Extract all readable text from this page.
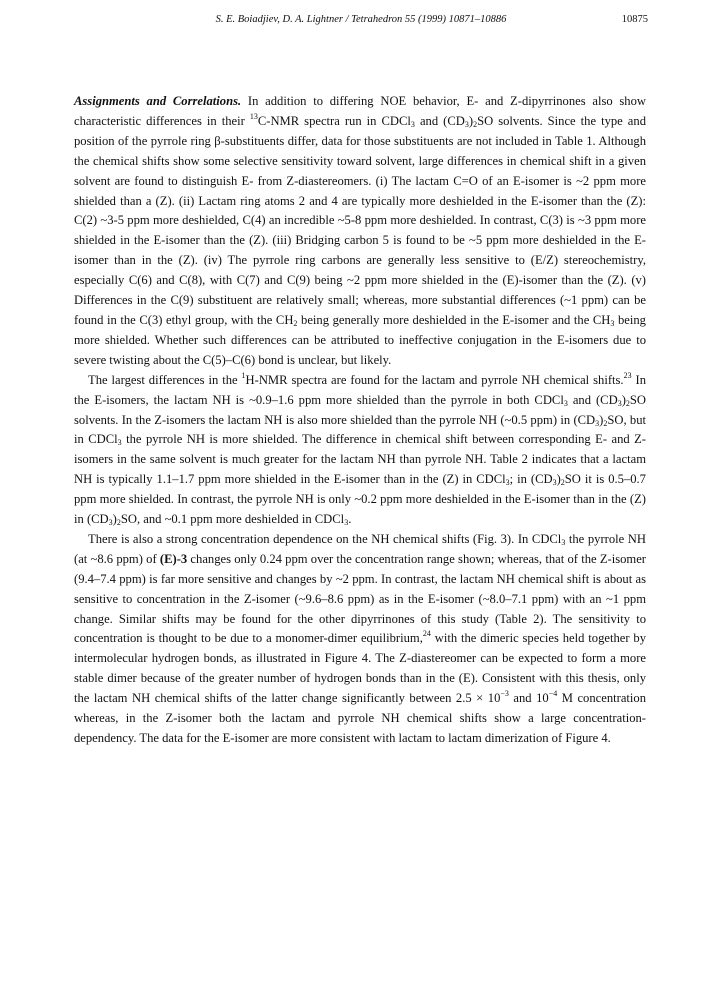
S. E. Boiadjiev, D. A. Lightner / Tetrahedron 55 (1999) 10871–10886	10875

Assignments and Correlations. In addition to differing NOE behavior, E- and Z-dipyrrinones also show characteristic differences in their $^{13}$C-NMR spectra run in CDCl$_3$ and $(CD_3)_2SO$ solvents. Since the type and position of the pyrrole ring β-substituents differ, data for those substituents are not included in Table 1. Although the chemical shifts show some selective sensitivity toward solvent, large differences in chemical shift in a given solvent are found to distinguish E- from Z-diastereomers. (i) The lactam C=O of an E-isomer is ~2 ppm more shielded than a (Z). (ii) Lactam ring atoms 2 and 4 are typically more deshielded in the E-isomer than the (Z): C(2) ~3-5 ppm more deshielded, C(4) an incredible ~5-8 ppm more deshielded. In contrast, C(3) is ~3 ppm more shielded in the E-isomer than the (Z). (iii) Bridging carbon 5 is found to be ~5 ppm more deshielded in the E-isomer than in the (Z). (iv) The pyrrole ring carbons are generally less sensitive to (E/Z) stereochemistry, especially C(6) and C(8), with C(7) and C(9) being ~2 ppm more shielded in the (E)-isomer than the (Z). (v) Differences in the C(9) substituent are relatively small; whereas, more substantial differences (~1 ppm) can be found in the C(3) ethyl group, with the $CH_2$ being generally more deshielded in the E-isomer and the $CH_3$ being more shielded. Whether such differences can be attributed to ineffective conjugation in the E-isomers due to severe twisting about the C(5)–C(6) bond is unclear, but likely.

The largest differences in the $^1$H-NMR spectra are found for the lactam and pyrrole NH chemical shifts.$^{23}$ In the E-isomers, the lactam NH is ~0.9–1.6 ppm more shielded than the pyrrole in both CDCl$_3$ and $(CD_3)_2SO$ solvents. In the Z-isomers the lactam NH is also more shielded than the pyrrole NH (~0.5 ppm) in $(CD_3)_2SO$, but in CDCl$_3$ the pyrrole NH is more shielded. The difference in chemical shift between corresponding E- and Z-isomers in the same solvent is much greater for the lactam NH than pyrrole NH. Table 2 indicates that a lactam NH is typically 1.1–1.7 ppm more shielded in the E-isomer than in the (Z) in CDCl$_3$; in $(CD_3)_2SO$ it is 0.5–0.7 ppm more shielded. In contrast, the pyrrole NH is only ~0.2 ppm more deshielded in the E-isomer than in the (Z) in $(CD_3)_2SO$, and ~0.1 ppm more deshielded in CDCl$_3$.

There is also a strong concentration dependence on the NH chemical shifts (Fig. 3). In CDCl$_3$ the pyrrole NH (at ~8.6 ppm) of (E)-3 changes only 0.24 ppm over the concentration range shown; whereas, that of the Z-isomer (9.4–7.4 ppm) is far more sensitive and changes by ~2 ppm. In contrast, the lactam NH chemical shift is about as sensitive to concentration in the Z-isomer (~9.6–8.6 ppm) as in the E-isomer (~8.0–7.1 ppm) with an ~1 ppm change. Similar shifts may be found for the other dipyrrinones of this study (Table 2). The sensitivity to concentration is thought to be due to a monomer-dimer equilibrium,$^{24}$ with the dimeric species held together by intermolecular hydrogen bonds, as illustrated in Figure 4. The Z-diastereomer can be expected to form a more stable dimer because of the greater number of hydrogen bonds than in the (E). Consistent with this thesis, only the lactam NH chemical shifts of the latter change significantly between $2.5 \times 10^{-3}$ and $10^{-4}$ M concentration whereas, in the Z-isomer both the lactam and pyrrole NH chemical shifts show a large concentration-dependency. The data for the E-isomer are more consistent with lactam to lactam dimerization of Figure 4.
